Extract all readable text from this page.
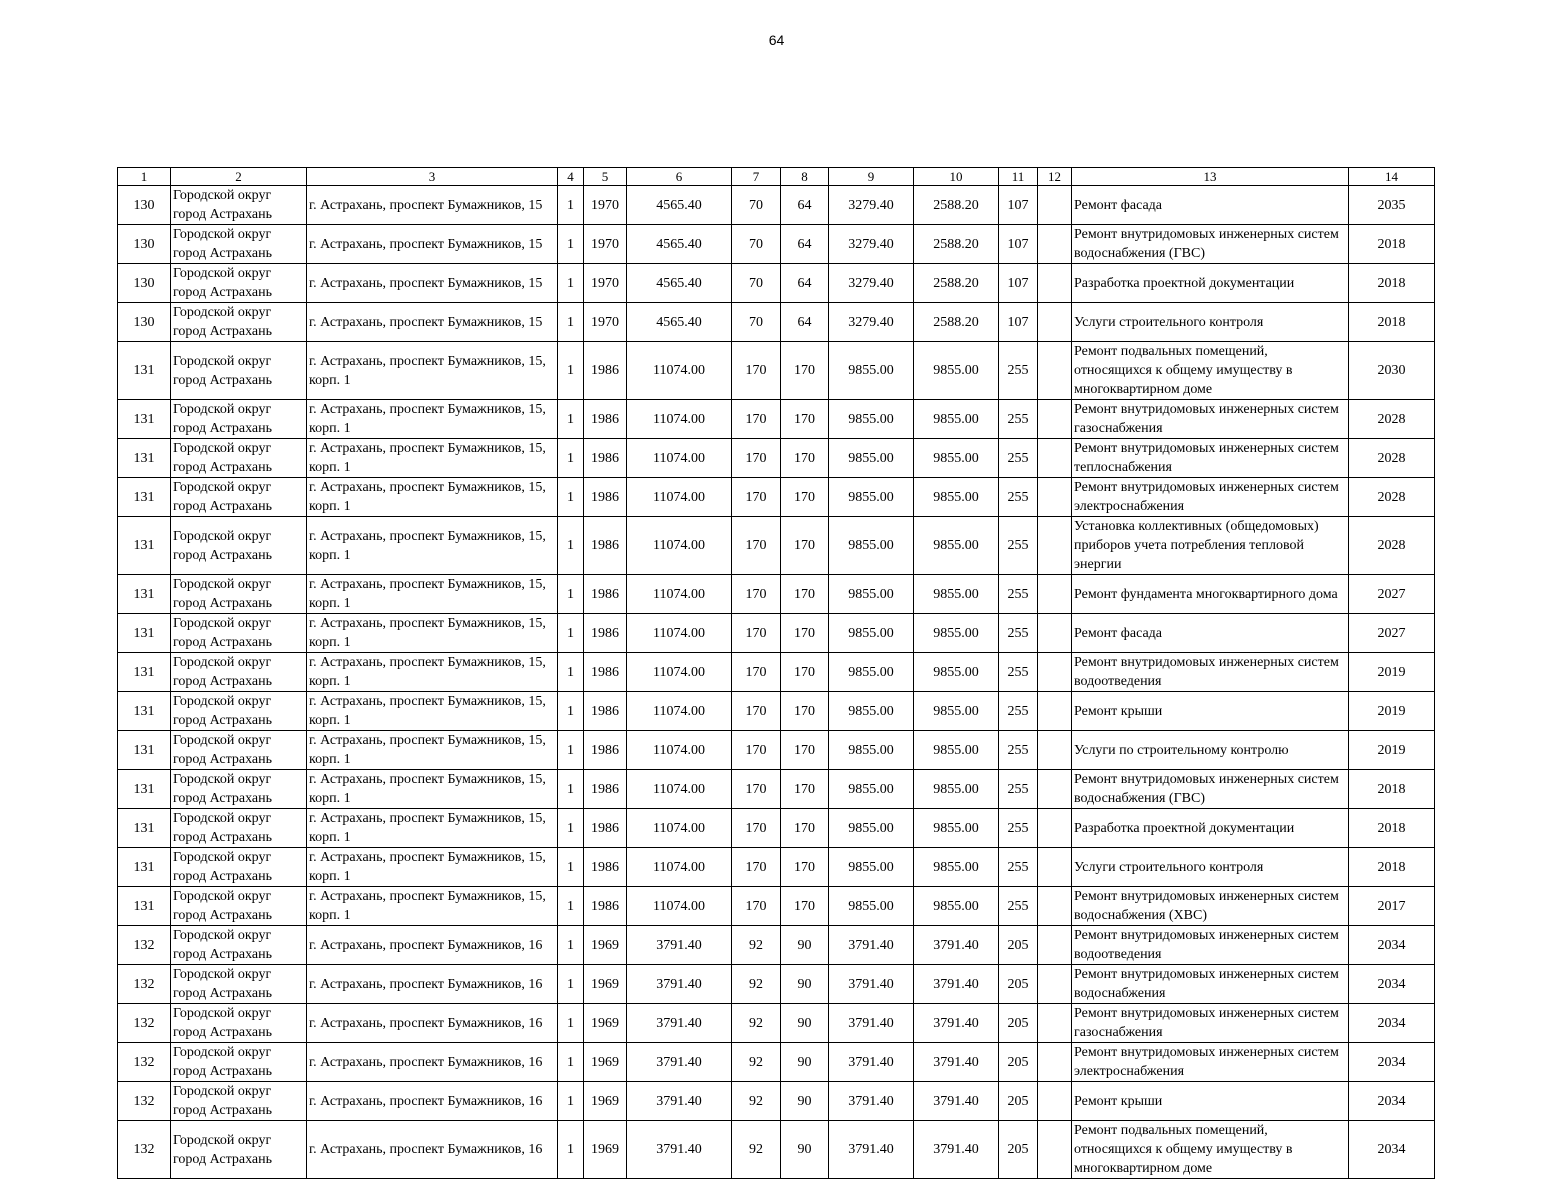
64
1	2	3	4	5	6	7	8	9	10	11	12	13	14
130	Городской округ город Астрахань	г. Астрахань, проспект Бумажников, 15	1	1970	4565.40	70	64	3279.40	2588.20	107		Ремонт фасада	2035
130	Городской округ город Астрахань	г. Астрахань, проспект Бумажников, 15	1	1970	4565.40	70	64	3279.40	2588.20	107		Ремонт внутридомовых инженерных систем водоснабжения (ГВС)	2018
130	Городской округ город Астрахань	г. Астрахань, проспект Бумажников, 15	1	1970	4565.40	70	64	3279.40	2588.20	107		Разработка проектной документации	2018
130	Городской округ город Астрахань	г. Астрахань, проспект Бумажников, 15	1	1970	4565.40	70	64	3279.40	2588.20	107		Услуги строительного контроля	2018
131	Городской округ город Астрахань	г. Астрахань, проспект Бумажников, 15, корп. 1	1	1986	11074.00	170	170	9855.00	9855.00	255		Ремонт подвальных помещений, относящихся к общему имуществу в многоквартирном доме	2030
131	Городской округ город Астрахань	г. Астрахань, проспект Бумажников, 15, корп. 1	1	1986	11074.00	170	170	9855.00	9855.00	255		Ремонт внутридомовых инженерных систем газоснабжения	2028
131	Городской округ город Астрахань	г. Астрахань, проспект Бумажников, 15, корп. 1	1	1986	11074.00	170	170	9855.00	9855.00	255		Ремонт внутридомовых инженерных систем теплоснабжения	2028
131	Городской округ город Астрахань	г. Астрахань, проспект Бумажников, 15, корп. 1	1	1986	11074.00	170	170	9855.00	9855.00	255		Ремонт внутридомовых инженерных систем электроснабжения	2028
131	Городской округ город Астрахань	г. Астрахань, проспект Бумажников, 15, корп. 1	1	1986	11074.00	170	170	9855.00	9855.00	255		Установка коллективных (общедомовых) приборов учета потребления тепловой энергии	2028
131	Городской округ город Астрахань	г. Астрахань, проспект Бумажников, 15, корп. 1	1	1986	11074.00	170	170	9855.00	9855.00	255		Ремонт фундамента многоквартирного дома	2027
131	Городской округ город Астрахань	г. Астрахань, проспект Бумажников, 15, корп. 1	1	1986	11074.00	170	170	9855.00	9855.00	255		Ремонт фасада	2027
131	Городской округ город Астрахань	г. Астрахань, проспект Бумажников, 15, корп. 1	1	1986	11074.00	170	170	9855.00	9855.00	255		Ремонт внутридомовых инженерных систем водоотведения	2019
131	Городской округ город Астрахань	г. Астрахань, проспект Бумажников, 15, корп. 1	1	1986	11074.00	170	170	9855.00	9855.00	255		Ремонт крыши	2019
131	Городской округ город Астрахань	г. Астрахань, проспект Бумажников, 15, корп. 1	1	1986	11074.00	170	170	9855.00	9855.00	255		Услуги по строительному контролю	2019
131	Городской округ город Астрахань	г. Астрахань, проспект Бумажников, 15, корп. 1	1	1986	11074.00	170	170	9855.00	9855.00	255		Ремонт внутридомовых инженерных систем водоснабжения (ГВС)	2018
131	Городской округ город Астрахань	г. Астрахань, проспект Бумажников, 15, корп. 1	1	1986	11074.00	170	170	9855.00	9855.00	255		Разработка проектной документации	2018
131	Городской округ город Астрахань	г. Астрахань, проспект Бумажников, 15, корп. 1	1	1986	11074.00	170	170	9855.00	9855.00	255		Услуги строительного контроля	2018
131	Городской округ город Астрахань	г. Астрахань, проспект Бумажников, 15, корп. 1	1	1986	11074.00	170	170	9855.00	9855.00	255		Ремонт внутридомовых инженерных систем водоснабжения (ХВС)	2017
132	Городской округ город Астрахань	г. Астрахань, проспект Бумажников, 16	1	1969	3791.40	92	90	3791.40	3791.40	205		Ремонт внутридомовых инженерных систем водоотведения	2034
132	Городской округ город Астрахань	г. Астрахань, проспект Бумажников, 16	1	1969	3791.40	92	90	3791.40	3791.40	205		Ремонт внутридомовых инженерных систем водоснабжения	2034
132	Городской округ город Астрахань	г. Астрахань, проспект Бумажников, 16	1	1969	3791.40	92	90	3791.40	3791.40	205		Ремонт внутридомовых инженерных систем газоснабжения	2034
132	Городской округ город Астрахань	г. Астрахань, проспект Бумажников, 16	1	1969	3791.40	92	90	3791.40	3791.40	205		Ремонт внутридомовых инженерных систем электроснабжения	2034
132	Городской округ город Астрахань	г. Астрахань, проспект Бумажников, 16	1	1969	3791.40	92	90	3791.40	3791.40	205		Ремонт крыши	2034
132	Городской округ город Астрахань	г. Астрахань, проспект Бумажников, 16	1	1969	3791.40	92	90	3791.40	3791.40	205		Ремонт подвальных помещений, относящихся к общему имуществу в многоквартирном доме	2034
